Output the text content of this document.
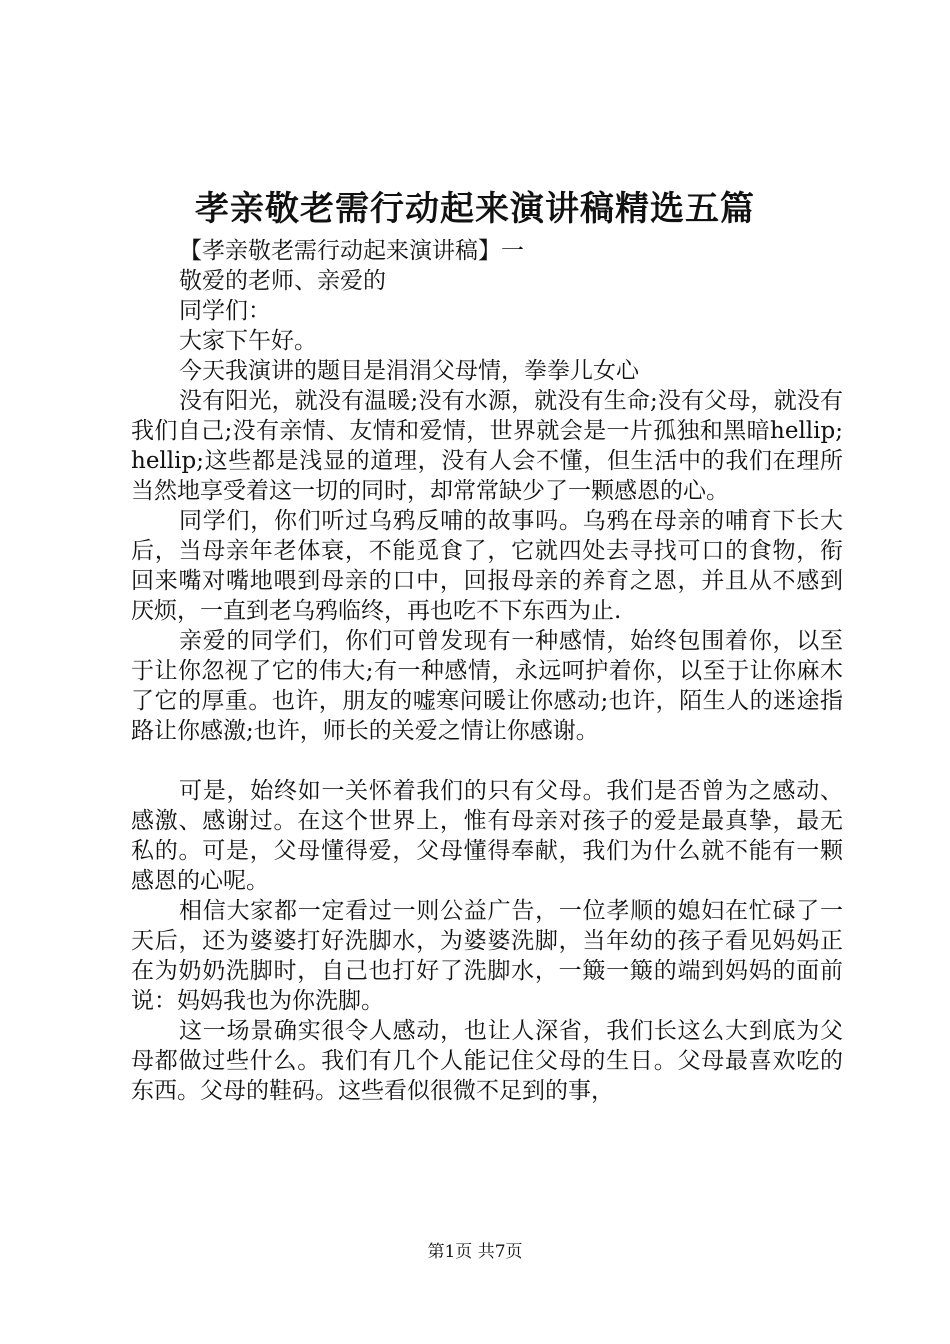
孝亲敬老需行动起来演讲稿精选五篇

【孝亲敬老需行动起来演讲稿】一

敬爱的老师、亲爱的

同学们：

大家下午好。

今天我演讲的题目是涓涓父母情，拳拳儿女心

没有阳光，就没有温暖;没有水源，就没有生命;没有父母，就没有我们自己;没有亲情、友情和爱情，世界就会是一片孤独和黑暗hellip;hellip;这些都是浅显的道理，没有人会不懂，但生活中的我们在理所当然地享受着这一切的同时，却常常缺少了一颗感恩的心。

同学们，你们听过乌鸦反哺的故事吗。乌鸦在母亲的哺育下长大后，当母亲年老体衰，不能觅食了，它就四处去寻找可口的食物，衔回来嘴对嘴地喂到母亲的口中，回报母亲的养育之恩，并且从不感到厌烦，一直到老乌鸦临终，再也吃不下东西为止.

亲爱的同学们，你们可曾发现有一种感情，始终包围着你，以至于让你忽视了它的伟大;有一种感情，永远呵护着你，以至于让你麻木了它的厚重。也许，朋友的嘘寒问暖让你感动;也许，陌生人的迷途指路让你感激;也许，师长的关爱之情让你感谢。

可是，始终如一关怀着我们的只有父母。我们是否曾为之感动、感激、感谢过。在这个世界上，惟有母亲对孩子的爱是最真挚，最无私的。可是，父母懂得爱，父母懂得奉献，我们为什么就不能有一颗感恩的心呢。

相信大家都一定看过一则公益广告，一位孝顺的媳妇在忙碌了一天后，还为婆婆打好洗脚水，为婆婆洗脚，当年幼的孩子看见妈妈正在为奶奶洗脚时，自己也打好了洗脚水，一簸一簸的端到妈妈的面前说：妈妈我也为你洗脚。

这一场景确实很令人感动，也让人深省，我们长这么大到底为父母都做过些什么。我们有几个人能记住父母的生日。父母最喜欢吃的东西。父母的鞋码。这些看似很微不足到的事，

第1页 共7页
